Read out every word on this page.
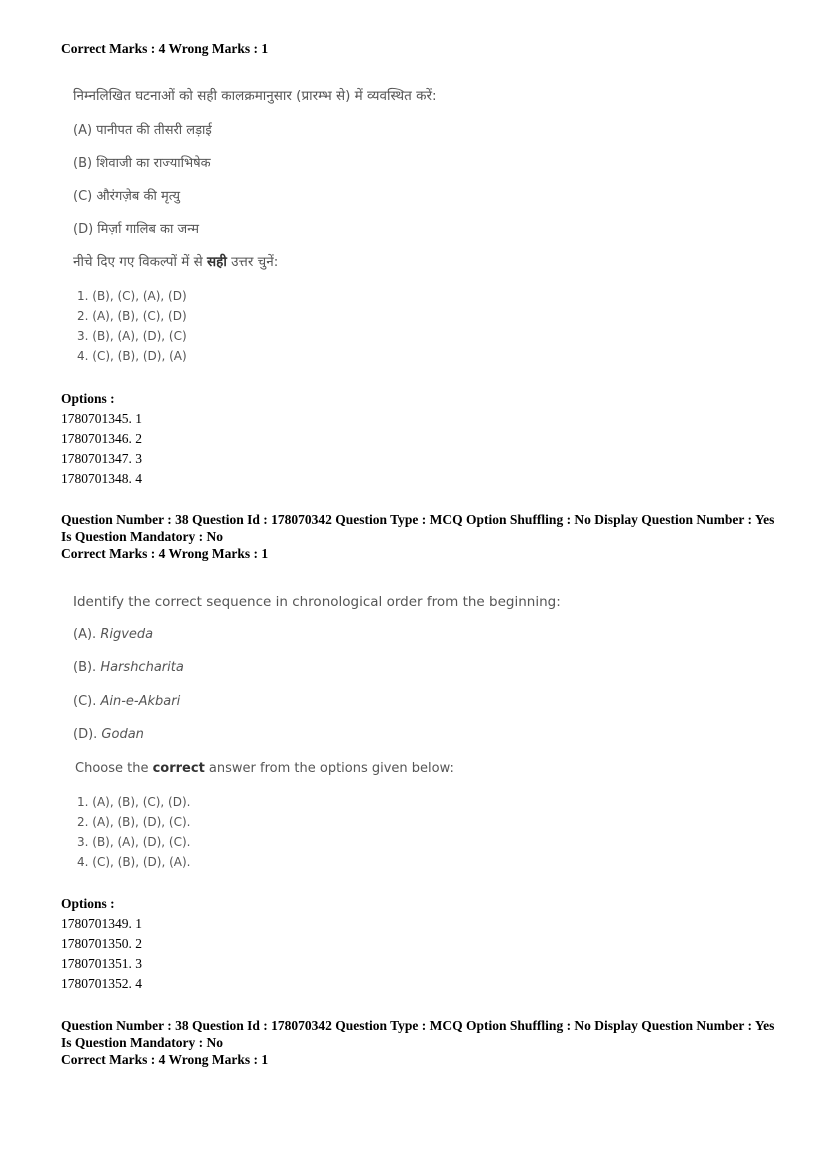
Correct Marks : 4 Wrong Marks : 1
निम्नलिखित घटनाओं को सही कालक्रमानुसार (प्रारम्भ से) में व्यवस्थित करें:
(A) पानीपत की तीसरी लड़ाई
(B) शिवाजी का राज्याभिषेक
(C) औरंगज़ेब की मृत्यु
(D) मिर्ज़ा गालिब का जन्म
नीचे दिए गए विकल्पों में से सही उत्तर चुनें:
1. (B), (C), (A), (D)
2. (A), (B), (C), (D)
3. (B), (A), (D), (C)
4. (C), (B), (D), (A)
Options :
1780701345. 1
1780701346. 2
1780701347. 3
1780701348. 4
Question Number : 38 Question Id : 178070342 Question Type : MCQ Option Shuffling : No Display Question Number : Yes
Is Question Mandatory : No
Correct Marks : 4 Wrong Marks : 1
Identify the correct sequence in chronological order from the beginning:
(A). Rigveda
(B). Harshcharita
(C). Ain-e-Akbari
(D). Godan
Choose the correct answer from the options given below:
1. (A), (B), (C), (D).
2. (A), (B), (D), (C).
3. (B), (A), (D), (C).
4. (C), (B), (D), (A).
Options :
1780701349. 1
1780701350. 2
1780701351. 3
1780701352. 4
Question Number : 38 Question Id : 178070342 Question Type : MCQ Option Shuffling : No Display Question Number : Yes
Is Question Mandatory : No
Correct Marks : 4 Wrong Marks : 1
